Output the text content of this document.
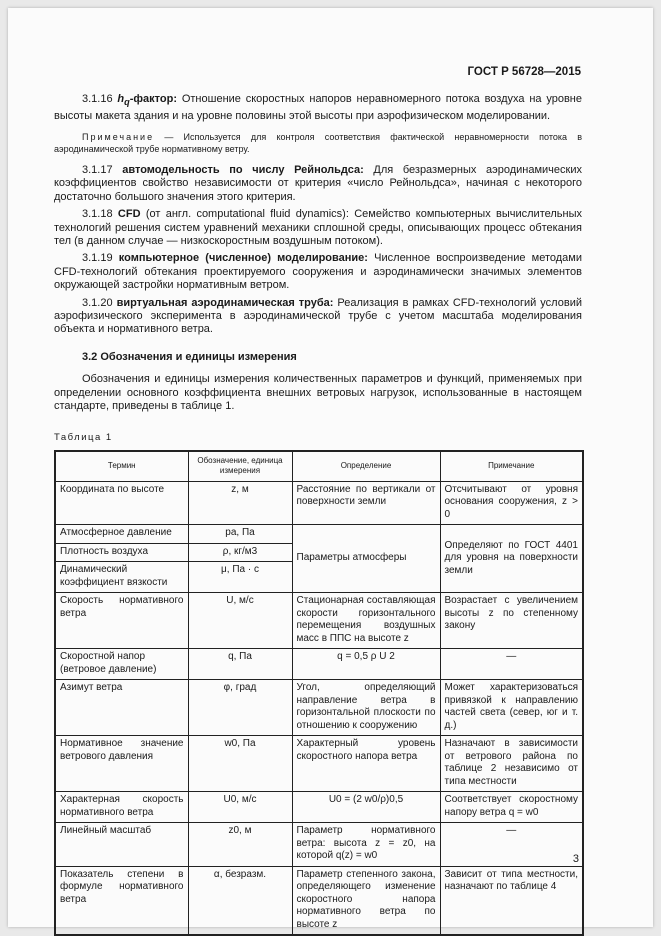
ГОСТ Р 56728—2015

3.1.16 $h_q$-фактор: Отношение скоростных напоров неравномерного потока воздуха на уровне высоты макета здания и на уровне половины этой высоты при аэрофизическом моделировании.

Примечание — Используется для контроля соответствия фактической неравномерности потока в аэродинамической трубе нормативному ветру.

3.1.17 автомодельность по числу Рейнольдса: Для безразмерных аэродинамических коэффициентов свойство независимости от критерия «число Рейнольдса», начиная с некоторого достаточно большого значения этого критерия.

3.1.18 CFD (от англ. computational fluid dynamics): Семейство компьютерных вычислительных технологий решения систем уравнений механики сплошной среды, описывающих процесс обтекания тел (в данном случае — низкоскоростным воздушным потоком).

3.1.19 компьютерное (численное) моделирование: Численное воспроизведение методами CFD-технологий обтекания проектируемого сооружения и аэродинамически значимых элементов окружающей застройки нормативным ветром.

3.1.20 виртуальная аэродинамическая труба: Реализация в рамках CFD-технологий условий аэрофизического эксперимента в аэродинамической трубе с учетом масштаба моделирования объекта и нормативного ветра.

3.2 Обозначения и единицы измерения

Обозначения и единицы измерения количественных параметров и функций, применяемых при определении основного коэффициента внешних ветровых нагрузок, использованные в настоящем стандарте, приведены в таблице 1.

Таблица 1

Термин	Обозначение, единица измерения	Определение	Примечание
Координата по высоте	z, м	Расстояние по вертикали от поверхности земли	Отсчитывают от уровня основания сооружения, z > 0
Атмосферное давление	pa, Па	Параметры атмосферы	Определяют по ГОСТ 4401 для уровня на поверхности земли
Плотность воздуха	ρ, кг/м3		
Динамический коэффициент вязкости	μ, Па · с		
Скорость нормативного ветра	U, м/с	Стационарная составляющая скорости горизонтального перемещения воздушных масс в ППС на высоте z	Возрастает с увеличением высоты z по степенному закону
Скоростной напор (ветровое давление)	q, Па	q = 0,5 ρ U 2	—
Азимут ветра	φ, град	Угол, определяющий направление ветра в горизонтальной плоскости по отношению к сооружению	Может характеризоваться привязкой к направлению частей света (север, юг и т. д.)
Нормативное значение ветрового давления	w0, Па	Характерный уровень скоростного напора ветра	Назначают в зависимости от ветрового района по таблице 2 независимо от типа местности
Характерная скорость нормативного ветра	U0, м/с	U0 = (2 w0/ρ)0,5	Соответствует скоростному напору ветра q = w0
Линейный масштаб	z0, м	Параметр нормативного ветра: высота z = z0, на которой q(z) = w0	—
Показатель степени в формуле нормативного ветра	α, безразм.	Параметр степенного закона, определяющего изменение скоростного напора нормативного ветра по высоте z	Зависит от типа местности, назначают по таблице 4
3
